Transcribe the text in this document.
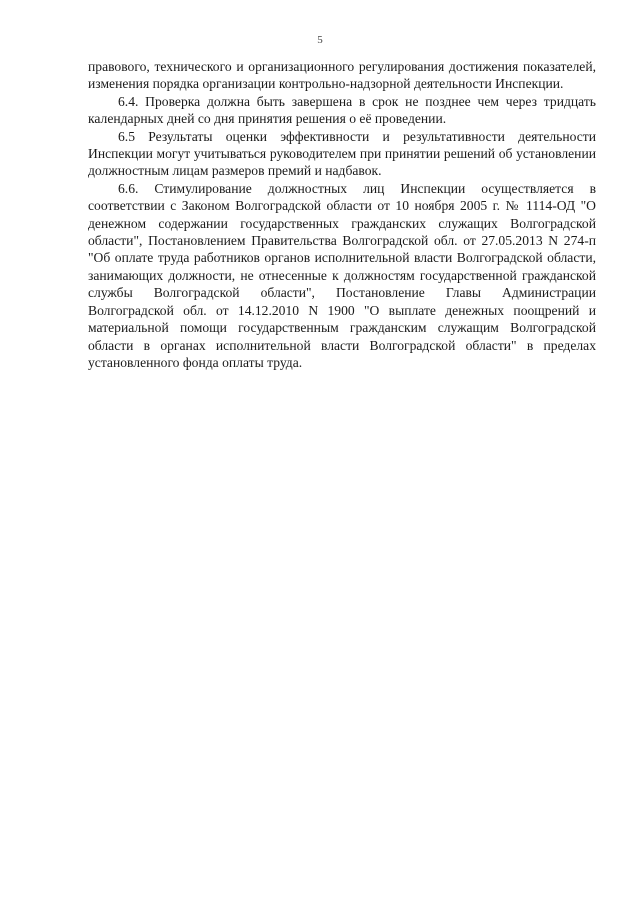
5

правового, технического и организационного регулирования достижения показателей, изменения порядка организации контрольно-надзорной деятельности Инспекции.

6.4. Проверка должна быть завершена в срок не позднее чем через тридцать календарных дней со дня принятия решения о её проведении.

6.5 Результаты оценки эффективности и результативности деятельности Инспекции могут учитываться руководителем при принятии решений об установлении должностным лицам размеров премий и надбавок.

6.6. Стимулирование должностных лиц Инспекции осуществляется в соответствии с Законом Волгоградской области от 10 ноября 2005 г. № 1114-ОД "О денежном содержании государственных гражданских служащих Волгоградской области", Постановлением Правительства Волгоградской обл. от 27.05.2013 N 274-п "Об оплате труда работников органов исполнительной власти Волгоградской области, занимающих должности, не отнесенные к должностям государственной гражданской службы Волгоградской области", Постановление Главы Администрации Волгоградской обл. от 14.12.2010 N 1900 "О выплате денежных поощрений и материальной помощи государственным гражданским служащим Волгоградской области в органах исполнительной власти Волгоградской области" в пределах установленного фонда оплаты труда.
